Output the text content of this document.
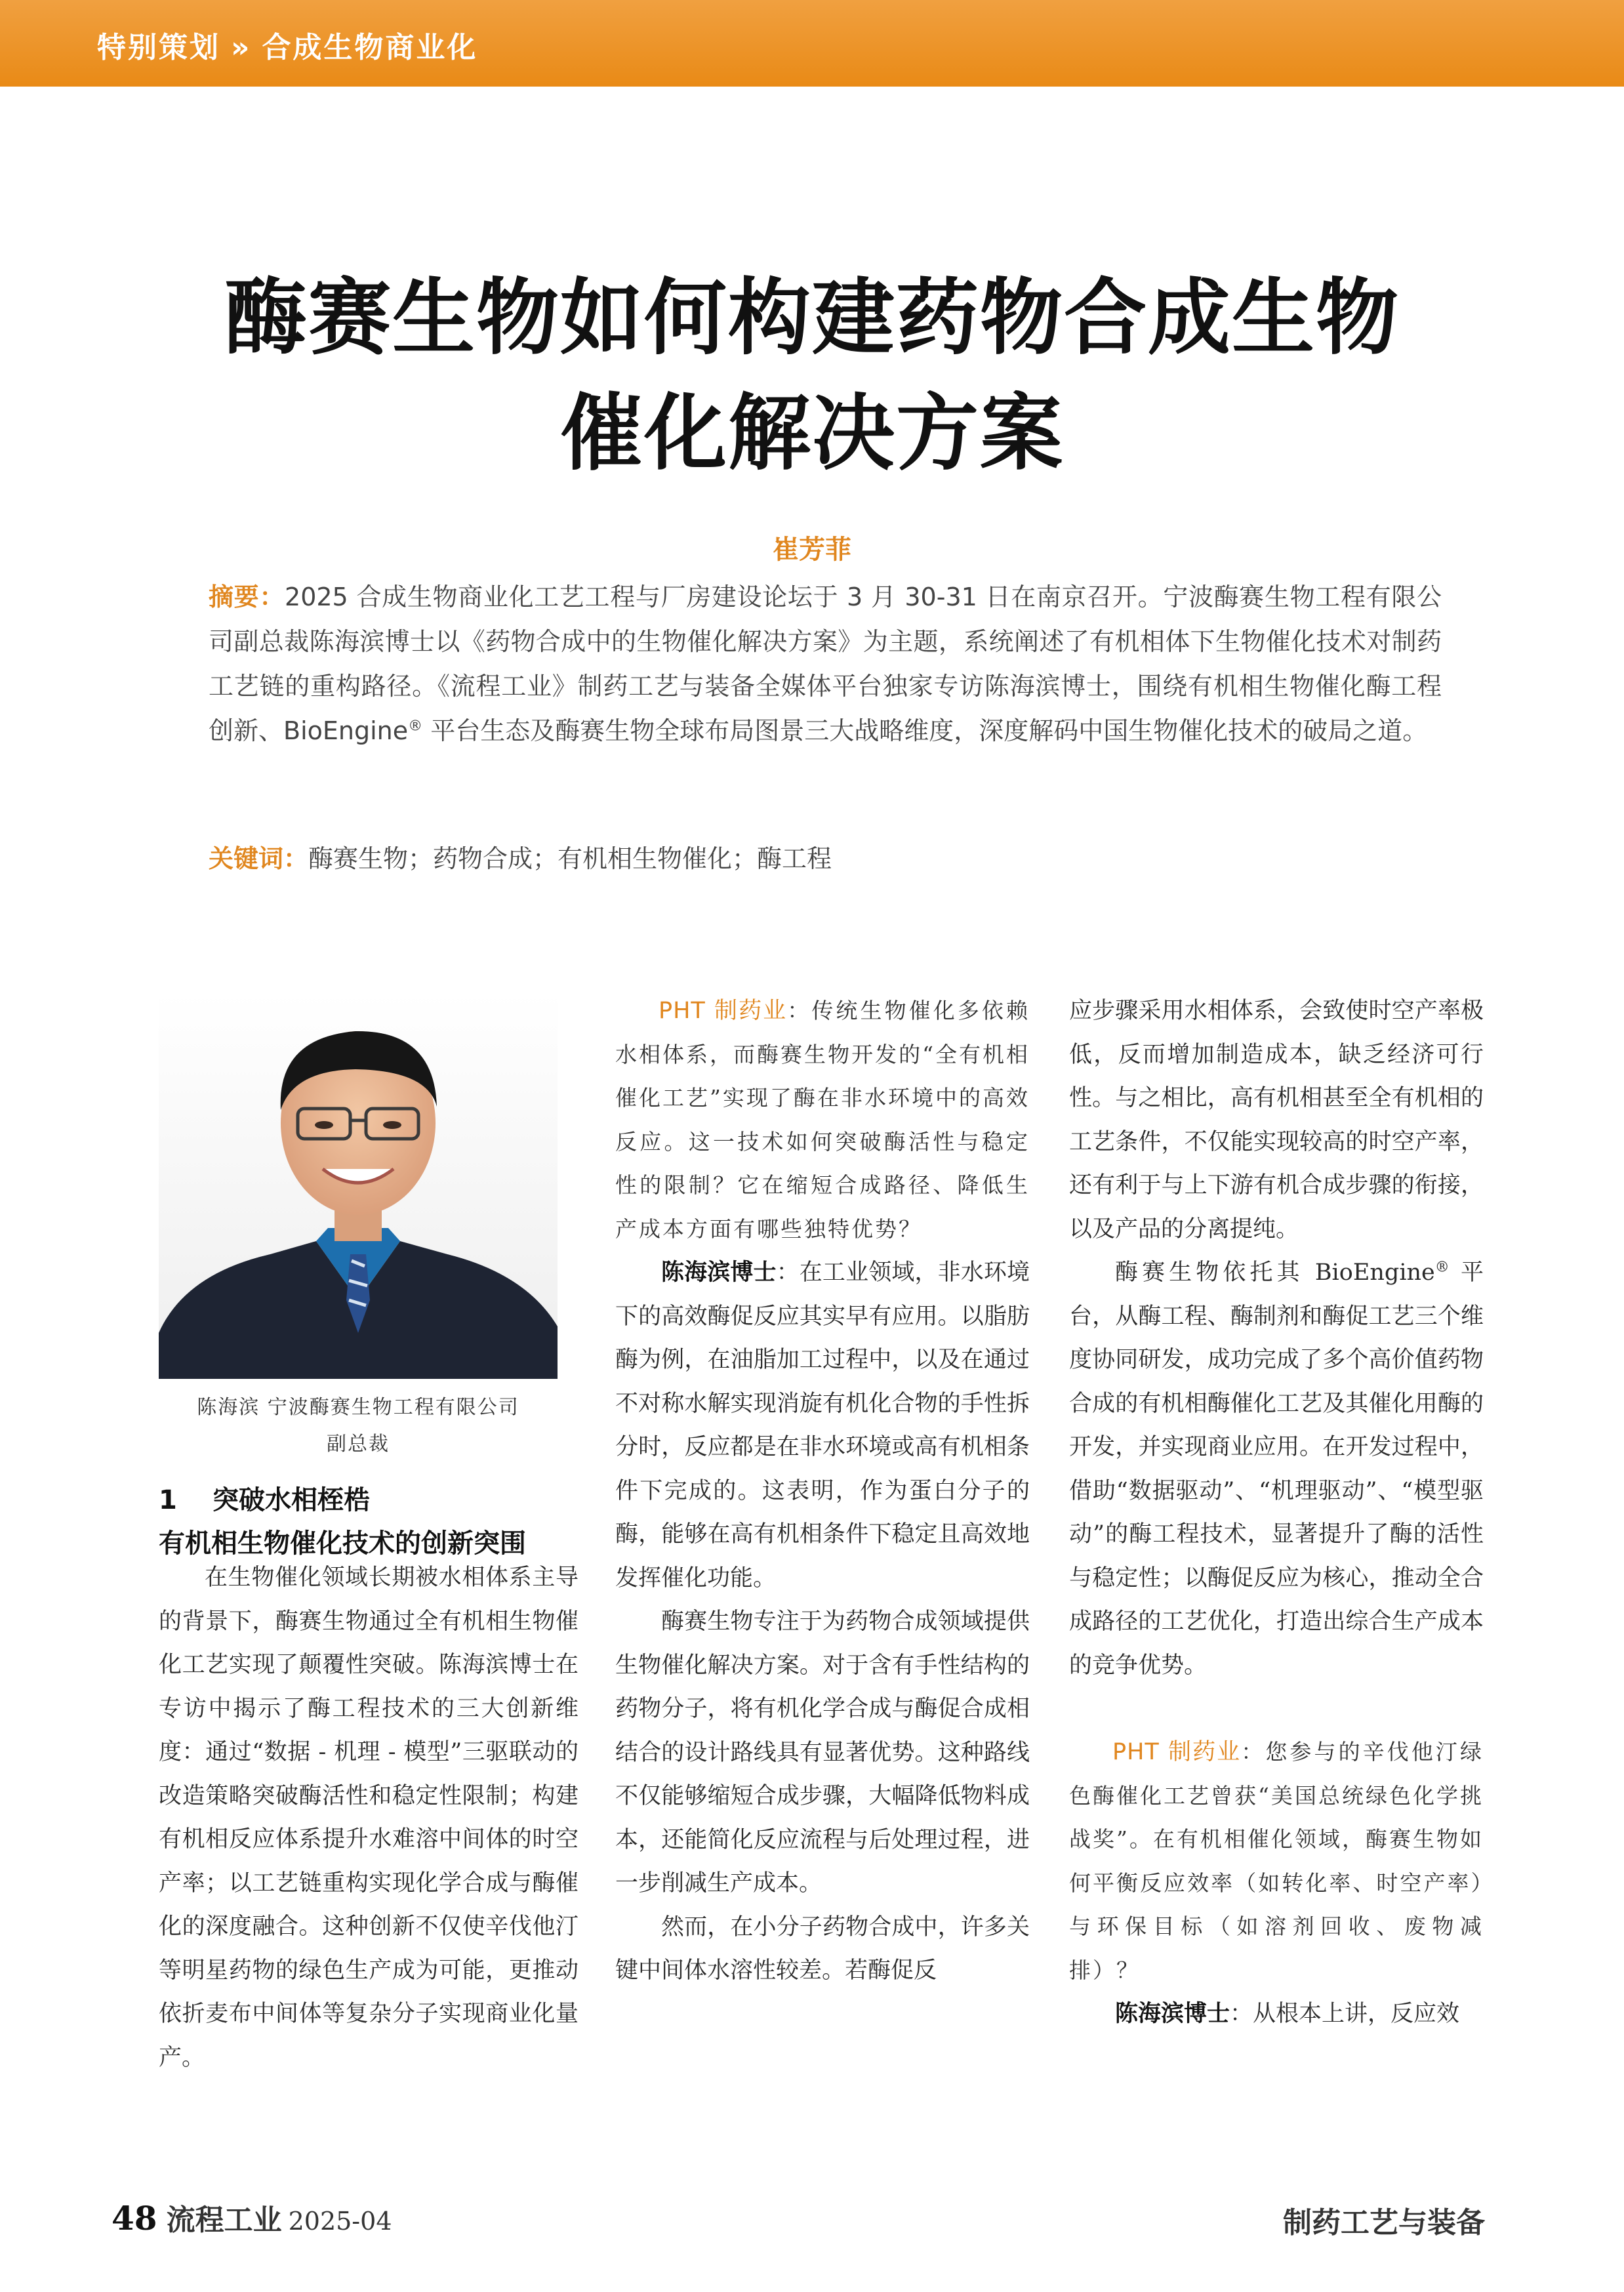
特别策划 » 合成生物商业化
酶赛生物如何构建药物合成生物
催化解决方案
崔芳菲
摘要：2025 合成生物商业化工艺工程与厂房建设论坛于 3 月 30-31 日在南京召开。宁波酶赛生物工程有限公司副总裁陈海滨博士以《药物合成中的生物催化解决方案》为主题，系统阐述了有机相体下生物催化技术对制药工艺链的重构路径。《流程工业》制药工艺与装备全媒体平台独家专访陈海滨博士，围绕有机相生物催化酶工程创新、BioEngine® 平台生态及酶赛生物全球布局图景三大战略维度，深度解码中国生物催化技术的破局之道。
关键词：酶赛生物；药物合成；有机相生物催化；酶工程
陈海滨 宁波酶赛生物工程有限公司
副总裁
1 突破水相桎梏
有机相生物催化技术的创新突围

在生物催化领域长期被水相体系主导的背景下，酶赛生物通过全有机相生物催化工艺实现了颠覆性突破。陈海滨博士在专访中揭示了酶工程技术的三大创新维度：通过“数据 - 机理 - 模型”三驱联动的改造策略突破酶活性和稳定性限制；构建有机相反应体系提升水难溶中间体的时空产率；以工艺链重构实现化学合成与酶催化的深度融合。这种创新不仅使辛伐他汀等明星药物的绿色生产成为可能，更推动依折麦布中间体等复杂分子实现商业化量产。

PHT 制药业：传统生物催化多依赖水相体系，而酶赛生物开发的“全有机相催化工艺”实现了酶在非水环境中的高效反应。这一技术如何突破酶活性与稳定性的限制？它在缩短合成路径、降低生产成本方面有哪些独特优势？

陈海滨博士：在工业领域，非水环境下的高效酶促反应其实早有应用。以脂肪酶为例，在油脂加工过程中，以及在通过不对称水解实现消旋有机化合物的手性拆分时，反应都是在非水环境或高有机相条件下完成的。这表明，作为蛋白分子的酶，能够在高有机相条件下稳定且高效地发挥催化功能。

酶赛生物专注于为药物合成领域提供生物催化解决方案。对于含有手性结构的药物分子，将有机化学合成与酶促合成相结合的设计路线具有显著优势。这种路线不仅能够缩短合成步骤，大幅降低物料成本，还能简化反应流程与后处理过程，进一步削减生产成本。

然而，在小分子药物合成中，许多关键中间体水溶性较差。若酶促反

应步骤采用水相体系，会致使时空产率极低，反而增加制造成本，缺乏经济可行性。与之相比，高有机相甚至全有机相的工艺条件，不仅能实现较高的时空产率，还有利于与上下游有机合成步骤的衔接，以及产品的分离提纯。

酶赛生物依托其 BioEngine® 平台，从酶工程、酶制剂和酶促工艺三个维度协同研发，成功完成了多个高价值药物合成的有机相酶催化工艺及其催化用酶的开发，并实现商业应用。在开发过程中，借助“数据驱动”、“机理驱动”、“模型驱动”的酶工程技术，显著提升了酶的活性与稳定性；以酶促反应为核心，推动全合成路径的工艺优化，打造出综合生产成本的竞争优势。

PHT 制药业：您参与的辛伐他汀绿色酶催化工艺曾获“美国总统绿色化学挑战奖”。在有机相催化领域，酶赛生物如何平衡反应效率（如转化率、时空产率）与环保目标（如溶剂回收、废物减排）？

陈海滨博士：从根本上讲，反应效

48 流程工业 2025-04	制药工艺与装备
